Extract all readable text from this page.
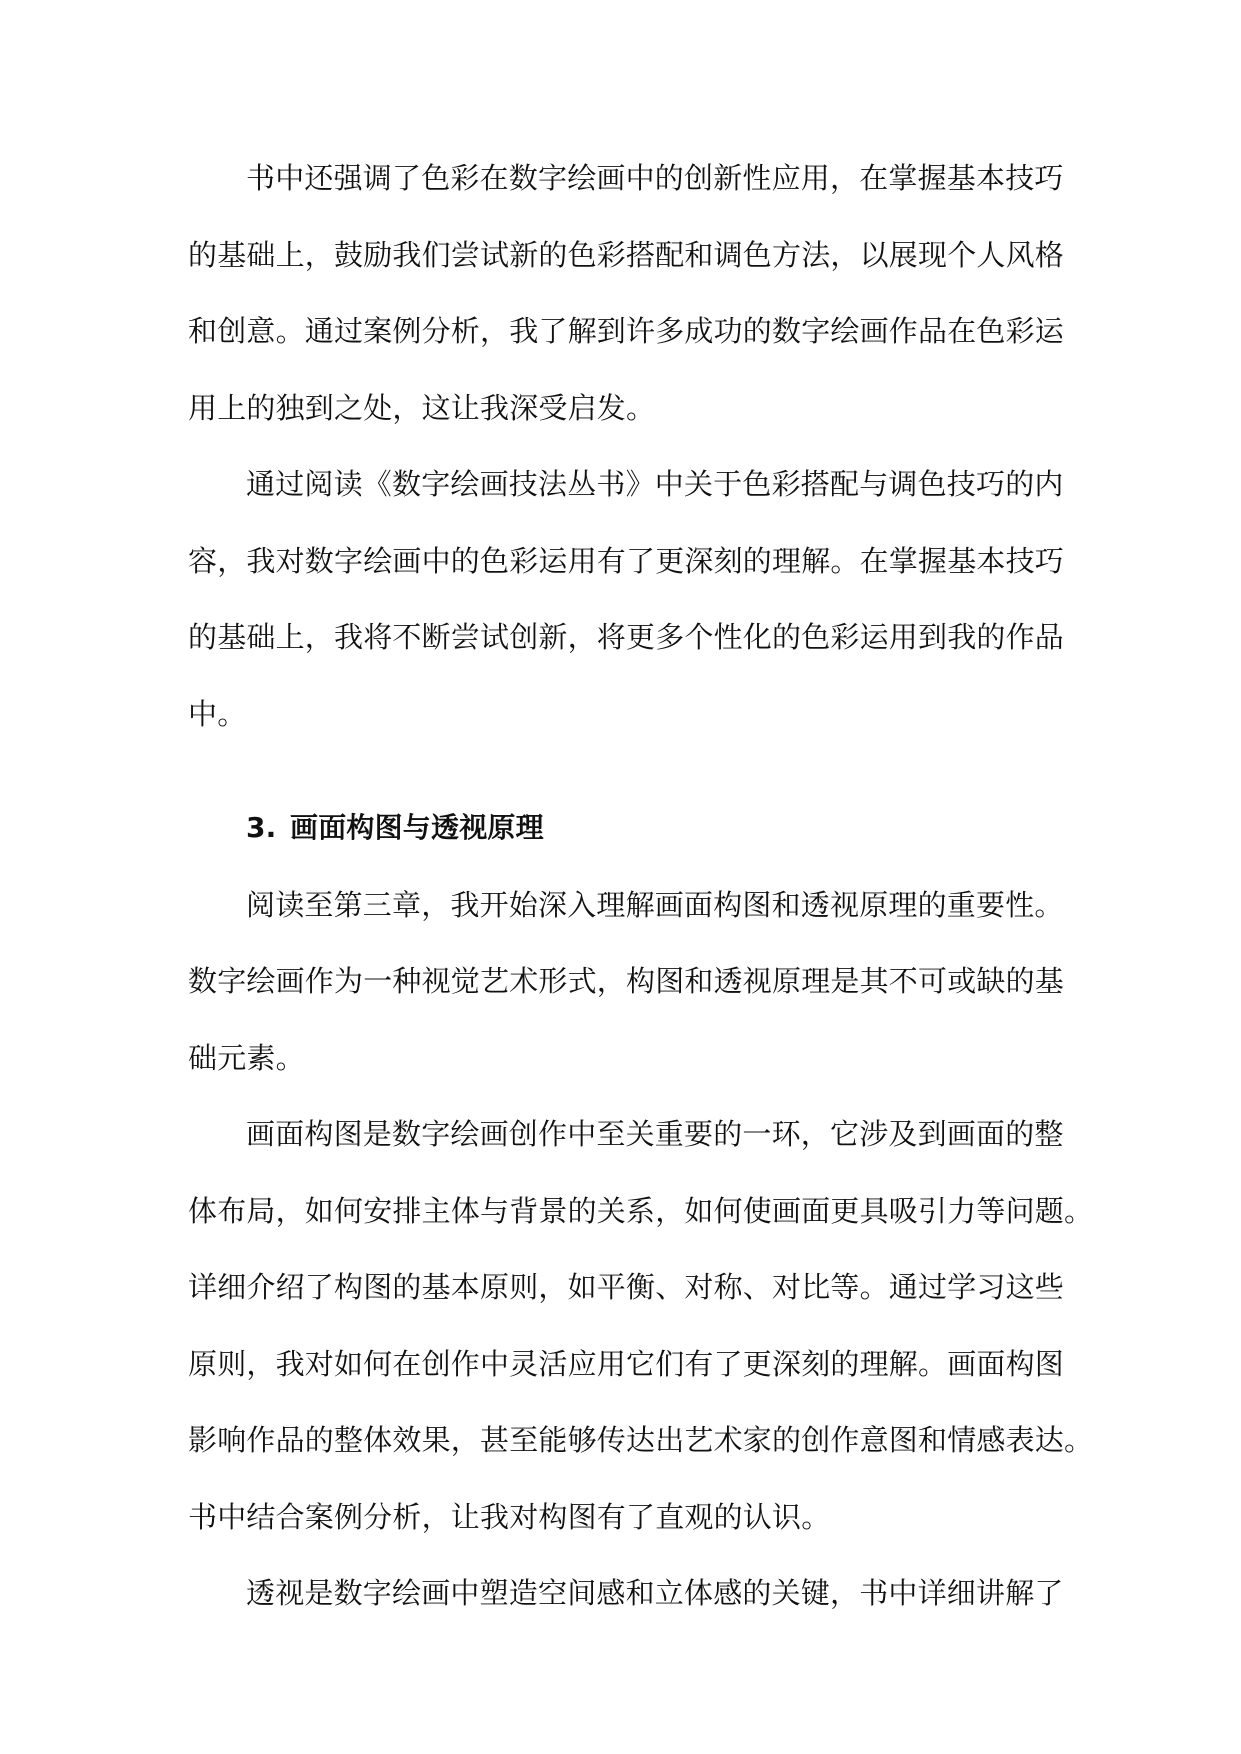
书中还强调了色彩在数字绘画中的创新性应用，在掌握基本技巧
的基础上，鼓励我们尝试新的色彩搭配和调色方法，以展现个人风格
和创意。通过案例分析，我了解到许多成功的数字绘画作品在色彩运
用上的独到之处，这让我深受启发。
通过阅读《数字绘画技法丛书》中关于色彩搭配与调色技巧的内
容，我对数字绘画中的色彩运用有了更深刻的理解。在掌握基本技巧
的基础上，我将不断尝试创新，将更多个性化的色彩运用到我的作品
中。
3. 画面构图与透视原理
阅读至第三章，我开始深入理解画面构图和透视原理的重要性。
数字绘画作为一种视觉艺术形式，构图和透视原理是其不可或缺的基
础元素。
画面构图是数字绘画创作中至关重要的一环，它涉及到画面的整
体布局，如何安排主体与背景的关系，如何使画面更具吸引力等问题。
详细介绍了构图的基本原则，如平衡、对称、对比等。通过学习这些
原则，我对如何在创作中灵活应用它们有了更深刻的理解。画面构图
影响作品的整体效果，甚至能够传达出艺术家的创作意图和情感表达。
书中结合案例分析，让我对构图有了直观的认识。
透视是数字绘画中塑造空间感和立体感的关键，书中详细讲解了
